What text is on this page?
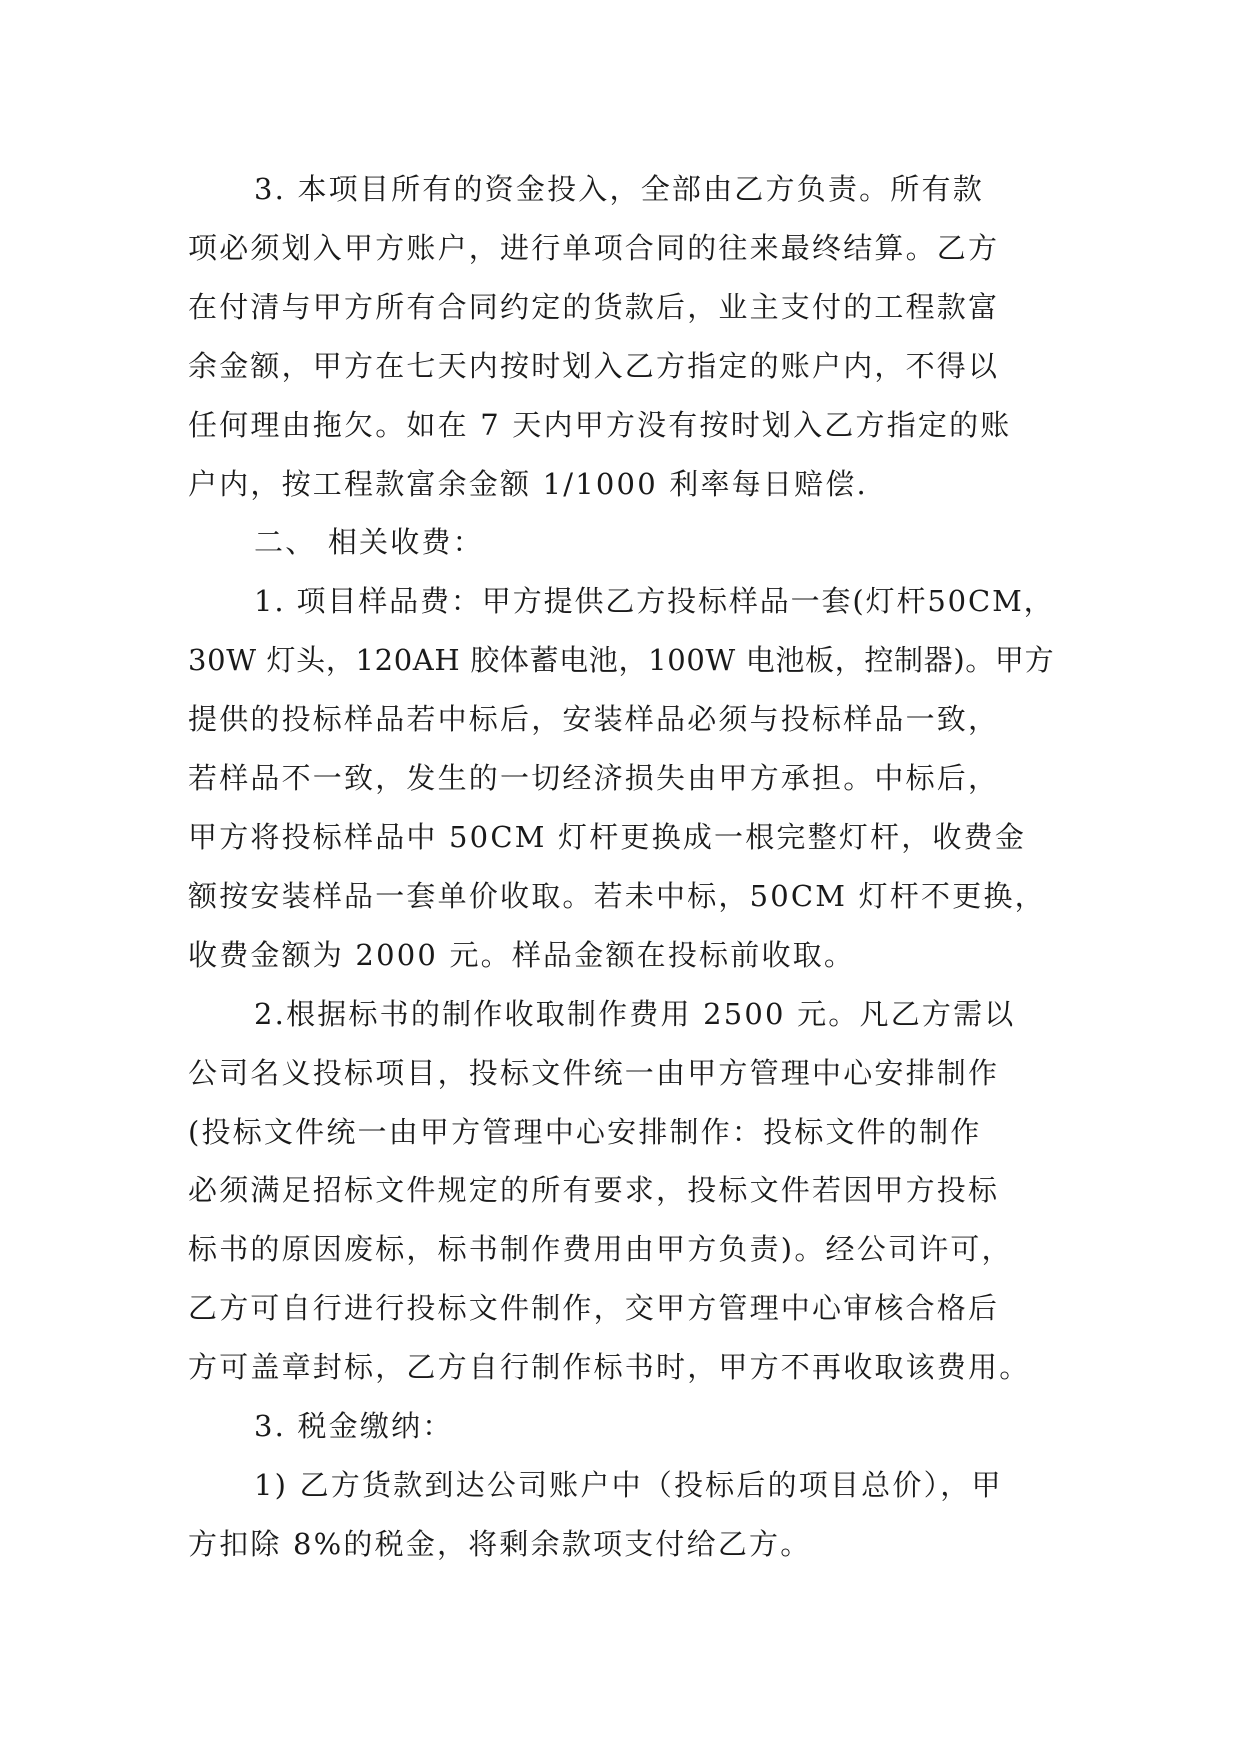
3. 本项目所有的资金投入，全部由乙方负责。所有款
项必须划入甲方账户，进行单项合同的往来最终结算。乙方
在付清与甲方所有合同约定的货款后，业主支付的工程款富
余金额，甲方在七天内按时划入乙方指定的账户内，不得以
任何理由拖欠。如在 7 天内甲方没有按时划入乙方指定的账
户内，按工程款富余金额 1/1000 利率每日赔偿.
二、 相关收费：
1. 项目样品费：甲方提供乙方投标样品一套(灯杆50CM，
30W 灯头，120AH 胶体蓄电池，100W 电池板，控制器)。甲方
提供的投标样品若中标后，安装样品必须与投标样品一致，
若样品不一致，发生的一切经济损失由甲方承担。中标后，
甲方将投标样品中 50CM 灯杆更换成一根完整灯杆，收费金
额按安装样品一套单价收取。若未中标，50CM 灯杆不更换，
收费金额为 2000 元。样品金额在投标前收取。
2.根据标书的制作收取制作费用 2500 元。凡乙方需以
公司名义投标项目，投标文件统一由甲方管理中心安排制作
(投标文件统一由甲方管理中心安排制作：投标文件的制作
必须满足招标文件规定的所有要求，投标文件若因甲方投标
标书的原因废标，标书制作费用由甲方负责)。经公司许可，
乙方可自行进行投标文件制作，交甲方管理中心审核合格后
方可盖章封标，乙方自行制作标书时，甲方不再收取该费用。
3. 税金缴纳：
1) 乙方货款到达公司账户中（投标后的项目总价），甲
方扣除 8%的税金，将剩余款项支付给乙方。
